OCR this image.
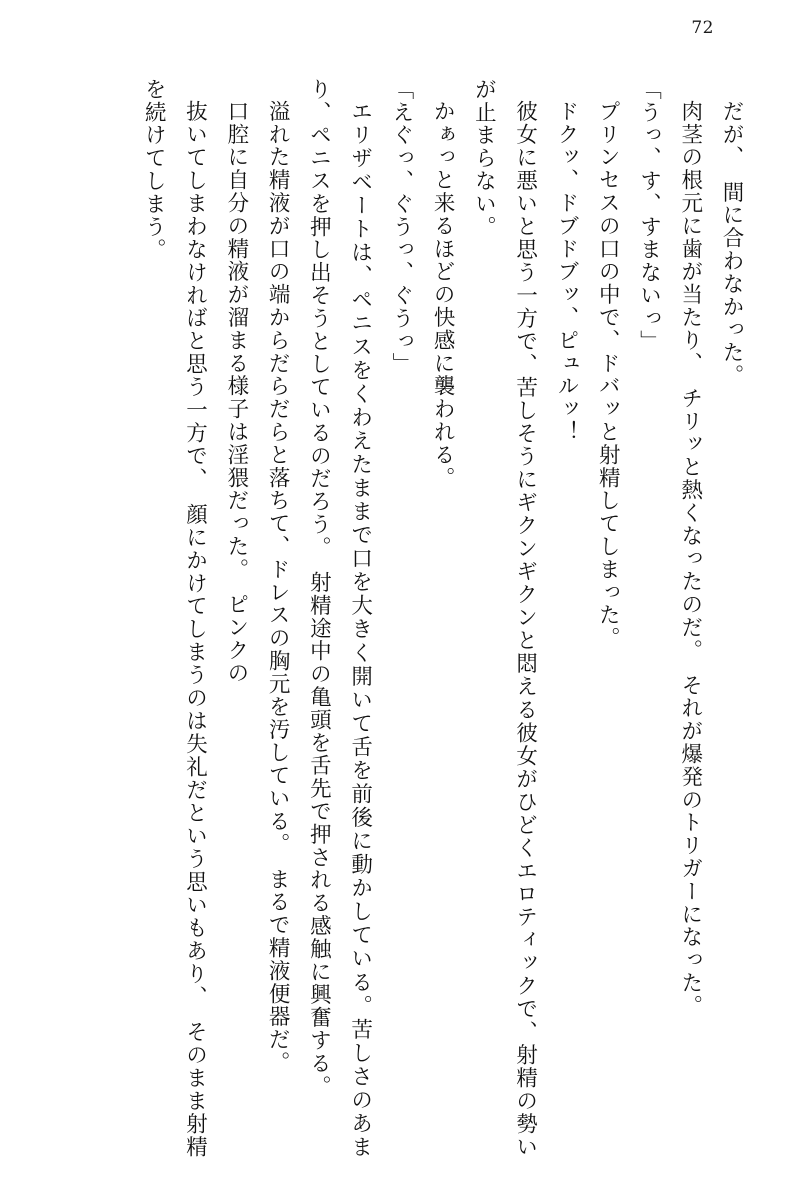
72

だが、　間に合わなかった。

肉茎の根元に歯が当たり、　チリッと熱くなったのだ。　それが爆発のトリガーになった。

「うっ、す、すまないっ」

プリンセスの口の中で、ドバッと射精してしまった。

ドクッ、ドブドブッ、ピュルッ！

彼女に悪いと思う一方で、苦しそうにギクンギクンと悶える彼女がひどくエロティックで、射精の勢いが止まらない。

かぁっと来るほどの快感に襲われる。

「えぐっ、ぐうっ、ぐうっ」

エリザベートは、ペニスをくわえたままで口を大きく開いて舌を前後に動かしている。苦しさのあまり、ペニスを押し出そうとしているのだろう。　射精途中の亀頭を舌先で押される感触に興奮する。

溢れた精液が口の端からだらだらと落ちて、ドレスの胸元を汚している。　まるで精液便器だ。

口腔に自分の精液が溜まる様子は淫猥だった。　ピンクの

抜いてしまわなければと思う一方で、　顔にかけてしまうのは失礼だという思いもあり、　そのまま射精を続けてしまう。
